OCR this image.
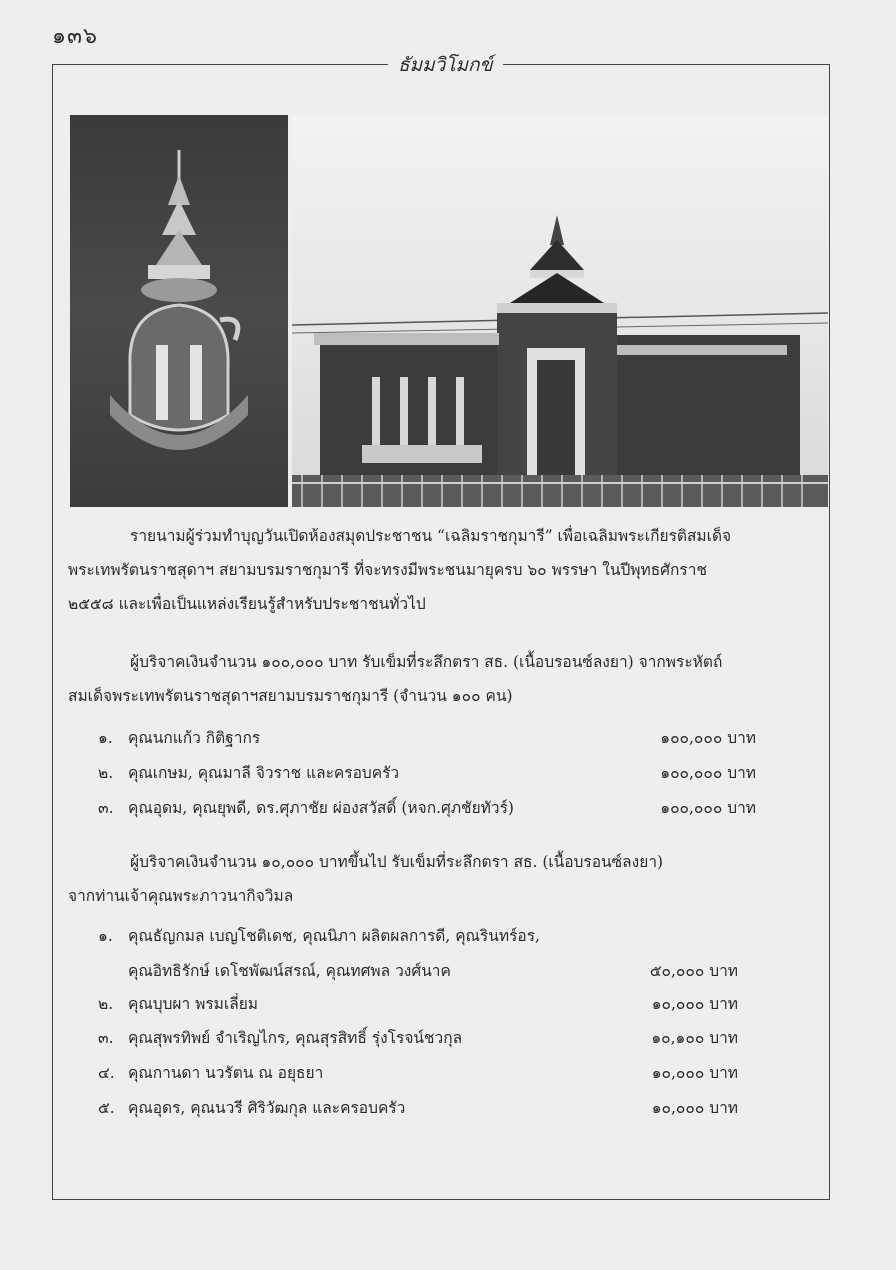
๑๓๖
ธัมมวิโมกข์
รายนามผู้ร่วมทำบุญวันเปิดห้องสมุดประชาชน “เฉลิมราชกุมารี” เพื่อเฉลิมพระเกียรติสมเด็จ
พระเทพรัตนราชสุดาฯ สยามบรมราชกุมารี ที่จะทรงมีพระชนมายุครบ ๖๐ พรรษา ในปีพุทธศักราช
๒๕๕๘ และเพื่อเป็นแหล่งเรียนรู้สำหรับประชาชนทั่วไป
ผู้บริจาคเงินจำนวน ๑๐๐,๐๐๐ บาท รับเข็มที่ระลึกตรา สธ. (เนื้อบรอนซ์ลงยา) จากพระหัตถ์
สมเด็จพระเทพรัตนราชสุดาฯสยามบรมราชกุมารี (จำนวน ๑๐๐ คน)
๑. คุณนกแก้ว กิติฐากร	๑๐๐,๐๐๐ บาท
๒. คุณเกษม, คุณมาลี จิวราช และครอบครัว	๑๐๐,๐๐๐ บาท
๓. คุณอุดม, คุณยุพดี, ดร.ศุภาชัย ผ่องสวัสดิ์ (หจก.ศุภชัยทัวร์)	๑๐๐,๐๐๐ บาท
ผู้บริจาคเงินจำนวน ๑๐,๐๐๐ บาทขึ้นไป รับเข็มที่ระลึกตรา สธ. (เนื้อบรอนซ์ลงยา)
จากท่านเจ้าคุณพระภาวนากิจวิมล
๑. คุณธัญกมล เบญโชติเดช, คุณนิภา ผลิตผลการดี, คุณรินทร์อร,
คุณอิทธิรักษ์ เดโชพัฒน์สรณ์, คุณทศพล วงศ์นาค	๕๐,๐๐๐ บาท
๒. คุณบุบผา พรมเลี่ยม	๑๐,๐๐๐ บาท
๓. คุณสุพรทิพย์ จำเริญไกร, คุณสุรสิทธิ์ รุ่งโรจน์ชวกุล	๑๐,๑๐๐ บาท
๔. คุณกานดา นวรัตน ณ อยุธยา	๑๐,๐๐๐ บาท
๕. คุณอุดร, คุณนวรี ศิริวัฒกุล และครอบครัว	๑๐,๐๐๐ บาท
